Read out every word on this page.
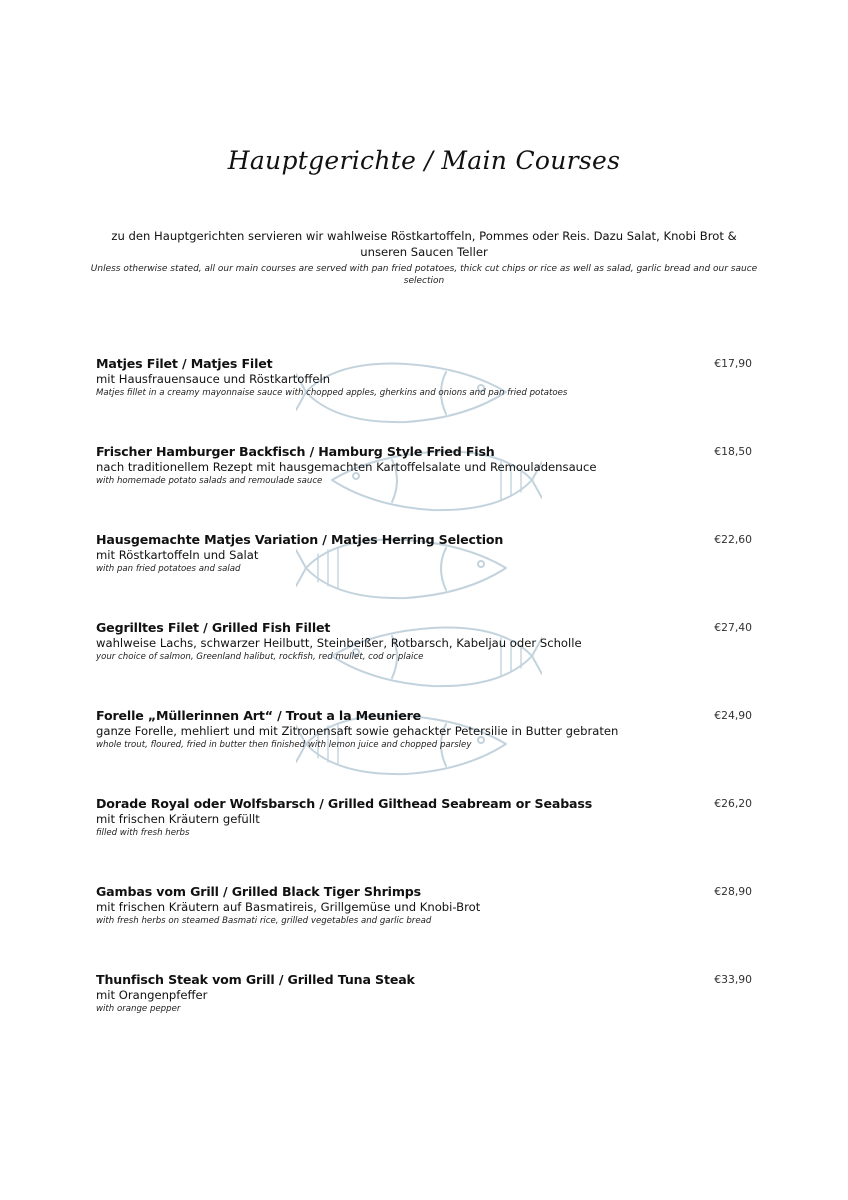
Hauptgerichte / Main Courses
zu den Hauptgerichten servieren wir wahlweise Röstkartoffeln, Pommes oder Reis. Dazu Salat, Knobi Brot & unseren Saucen Teller
Unless otherwise stated, all our main courses are served with pan fried potatoes, thick cut chips or rice as well as salad, garlic bread and our sauce selection
Matjes Filet / Matjes Filet
mit Hausfrauensauce und Röstkartoffeln
Matjes fillet in a creamy mayonnaise sauce with chopped apples, gherkins and onions and pan fried potatoes
€17,90
Frischer Hamburger Backfisch / Hamburg Style Fried Fish
nach traditionellem Rezept mit hausgemachten Kartoffelsalate und Remouladensauce
with homemade potato salads and remoulade sauce
€18,50
Hausgemachte Matjes Variation / Matjes Herring Selection
mit Röstkartoffeln und Salat
with pan fried potatoes and salad
€22,60
Gegrilltes Filet / Grilled Fish Fillet
wahlweise Lachs, schwarzer Heilbutt, Steinbeißer, Rotbarsch, Kabeljau oder Scholle
your choice of salmon, Greenland halibut, rockfish, red mullet, cod or plaice
€27,40
Forelle „Müllerinnen Art“ / Trout a la Meuniere
ganze Forelle, mehliert und mit Zitronensaft sowie gehackter Petersilie in Butter gebraten
whole trout, floured, fried in butter then finished with lemon juice and chopped parsley
€24,90
Dorade Royal oder Wolfsbarsch / Grilled Gilthead Seabream or Seabass
mit frischen Kräutern gefüllt
filled with fresh herbs
€26,20
Gambas vom Grill / Grilled Black Tiger Shrimps
mit frischen Kräutern auf Basmatireis, Grillgemüse und Knobi-Brot
with fresh herbs on steamed Basmati rice, grilled vegetables and garlic bread
€28,90
Thunfisch Steak vom Grill / Grilled Tuna Steak
mit Orangenpfeffer
with orange pepper
€33,90
